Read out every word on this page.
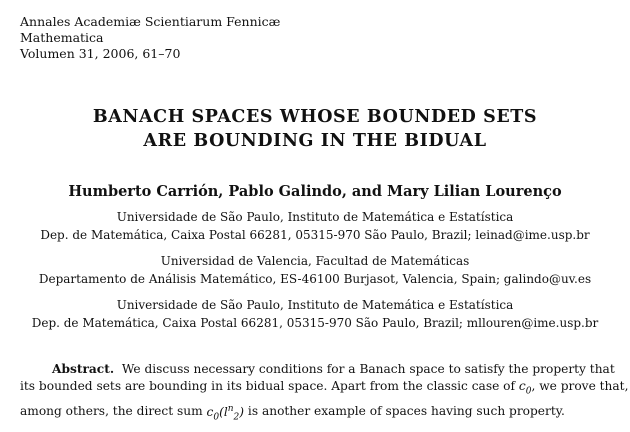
Annales Academiæ Scientiarum Fennicæ
Mathematica
Volumen 31, 2006, 61–70
BANACH SPACES WHOSE BOUNDED SETS
ARE BOUNDING IN THE BIDUAL
Humberto Carrión, Pablo Galindo, and Mary Lilian Lourenço
Universidade de São Paulo, Instituto de Matemática e Estatística
Dep. de Matemática, Caixa Postal 66281, 05315-970 São Paulo, Brazil; leinad@ime.usp.br
Universidad de Valencia, Facultad de Matemáticas
Departamento de Análisis Matemático, ES-46100 Burjasot, Valencia, Spain; galindo@uv.es
Universidade de São Paulo, Instituto de Matemática e Estatística
Dep. de Matemática, Caixa Postal 66281, 05315-970 São Paulo, Brazil; mllouren@ime.usp.br
Abstract. We discuss necessary conditions for a Banach space to satisfy the property that
its bounded sets are bounding in its bidual space. Apart from the classic case of $c_0$, we prove that,
among others, the direct sum $c_0(l^n_2)$ is another example of spaces having such property.
